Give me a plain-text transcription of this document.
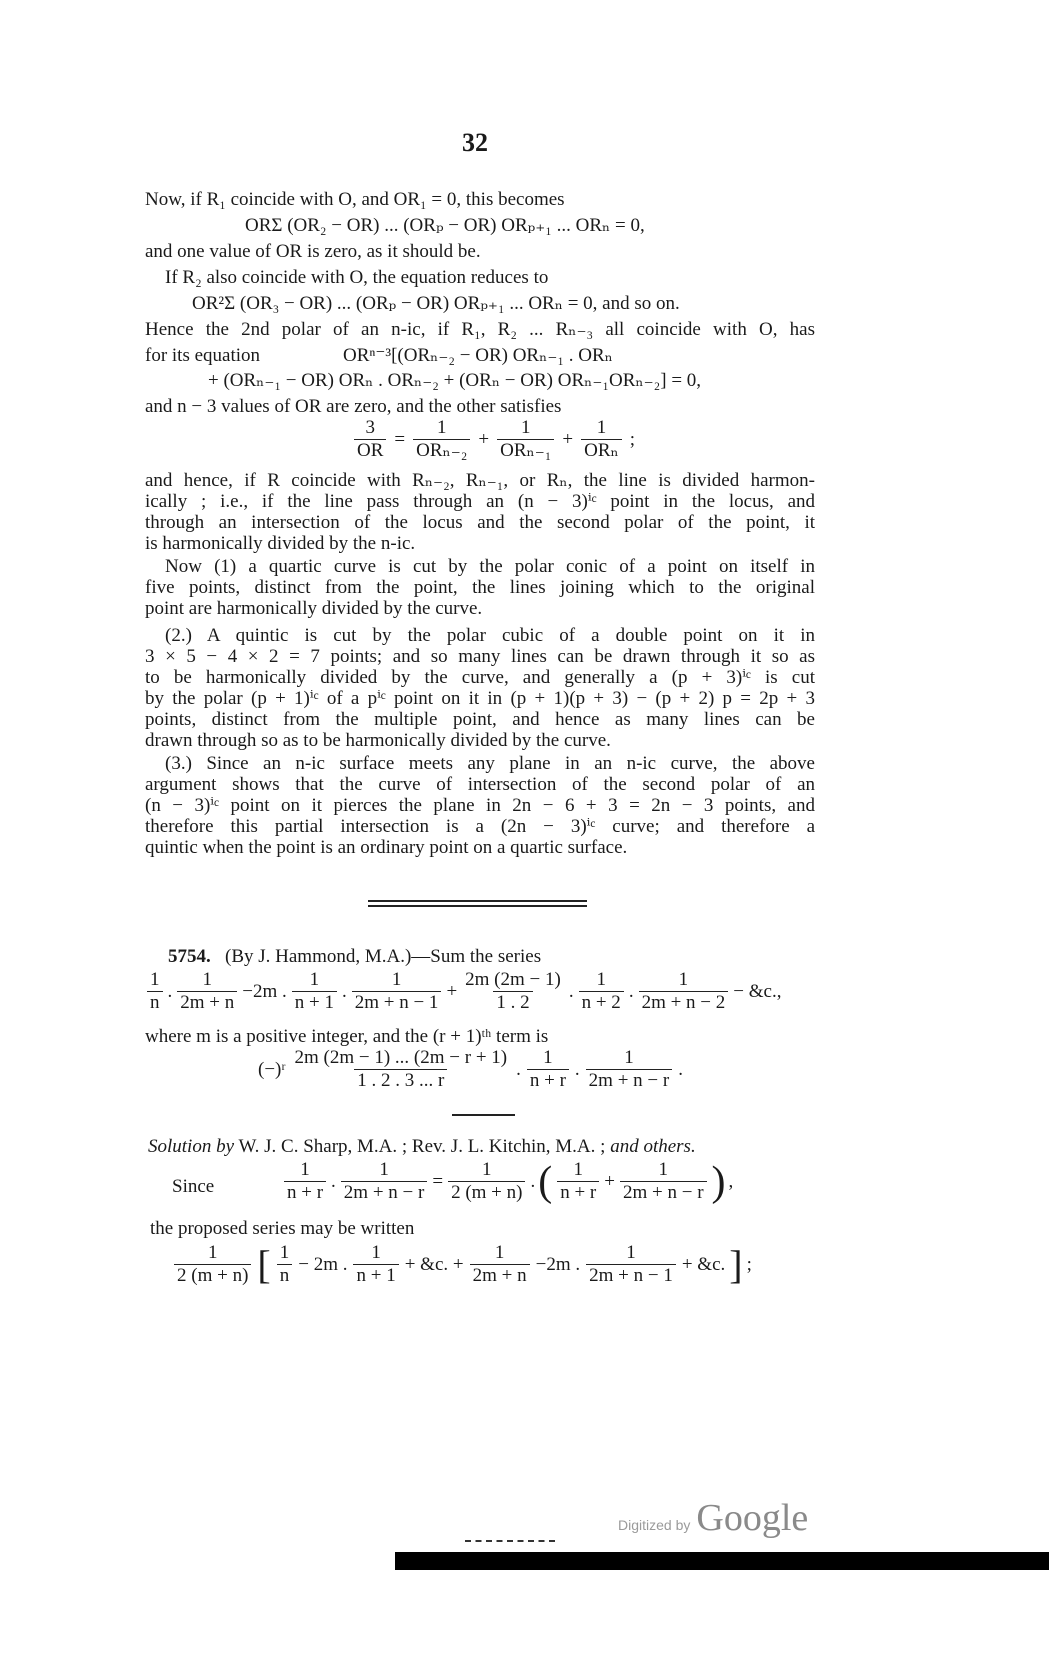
32
Now, if R₁ coincide with O, and OR₁ = 0, this becomes
ORΣ (OR₂ − OR) ... (ORₚ − OR) ORₚ₊₁ ... ORₙ = 0,
and one value of OR is zero, as it should be.
If R₂ also coincide with O, the equation reduces to
OR²Σ (OR₃ − OR) ... (ORₚ − OR) ORₚ₊₁ ... ORₙ = 0, and so on.
Hence the 2nd polar of an n-ic, if R₁, R₂ ... Rₙ₋₃ all coincide with O, has
for its equation	ORⁿ⁻³[(ORₙ₋₂ − OR) ORₙ₋₁ . ORₙ
+ (ORₙ₋₁ − OR) ORₙ . ORₙ₋₂ + (ORₙ − OR) ORₙ₋₁ORₙ₋₂] = 0,
and n − 3 values of OR are zero, and the other satisfies
$\frac{3}{OR} = \frac{1}{\text{ORₙ₋₂}} + \frac{1}{\text{ORₙ₋₁}} + \frac{1}{\text{ORₙ}}$ ;
and hence, if R coincide with Rₙ₋₂, Rₙ₋₁, or Rₙ, the line is divided harmon-
ically ; i.e., if the line pass through an (n − 3)ⁱᶜ point in the locus, and
through an intersection of the locus and the second polar of the point, it
is harmonically divided by the n-ic.
Now (1) a quartic curve is cut by the polar conic of a point on itself in
five points, distinct from the point, the lines joining which to the original
point are harmonically divided by the curve.
(2.) A quintic is cut by the polar cubic of a double point on it in
3 × 5 − 4 × 2 = 7 points; and so many lines can be drawn through it so as
to be harmonically divided by the curve, and generally a (p + 3)ⁱᶜ is cut
by the polar (p + 1)ⁱᶜ of a pⁱᶜ point on it in (p + 1)(p + 3) − (p + 2) p = 2p + 3
points, distinct from the multiple point, and hence as many lines can be
drawn through so as to be harmonically divided by the curve.
(3.) Since an n-ic surface meets any plane in an n-ic curve, the above
argument shows that the curve of intersection of the second polar of an
(n − 3)ⁱᶜ point on it pierces the plane in 2n − 6 + 3 = 2n − 3 points, and
therefore this partial intersection is a (2n − 3)ⁱᶜ curve; and therefore a
quintic when the point is an ordinary point on a quartic surface.
5754. (By J. Hammond, M.A.)—Sum the series
$\frac{1}{n}$ . $\frac{1}{2m + n} -2m$ . $\frac{1}{n + 1}$ . $\frac{1}{2m + n - 1} + \frac{2m (2m - 1)}{1 . 2}$ . $\frac{1}{n + 2}$ . $\frac{1}{2m + n - 2}$ − &c.,
where m is a positive integer, and the (r + 1)ᵗʰ term is
(−)ʳ $\frac{2m (2m - 1) ... (2m - r + 1)}{1 . 2 . 3 ... r}$ . $\frac{1}{n + r}$ . $\frac{1}{2m + n - r}$ .
Solution by W. J. C. Sharp, M.A. ; Rev. J. L. Kitchin, M.A. ; and others.
Since	$\frac{1}{n + r}$ . $\frac{1}{2m + n - r} = \frac{1}{2 (m + n)}$ . ( $\frac{1}{n + r} + \frac{1}{2m + n - r}$ ) ,
the proposed series may be written
$\frac{1}{2 (m + n)}$ [ $\frac{1}{n} - 2m$ . $\frac{1}{n + 1}$ + &c. + $\frac{1}{2m + n} -2m$ . $\frac{1}{2m + n - 1}$ + &c. ] ;
Digitized by Google
